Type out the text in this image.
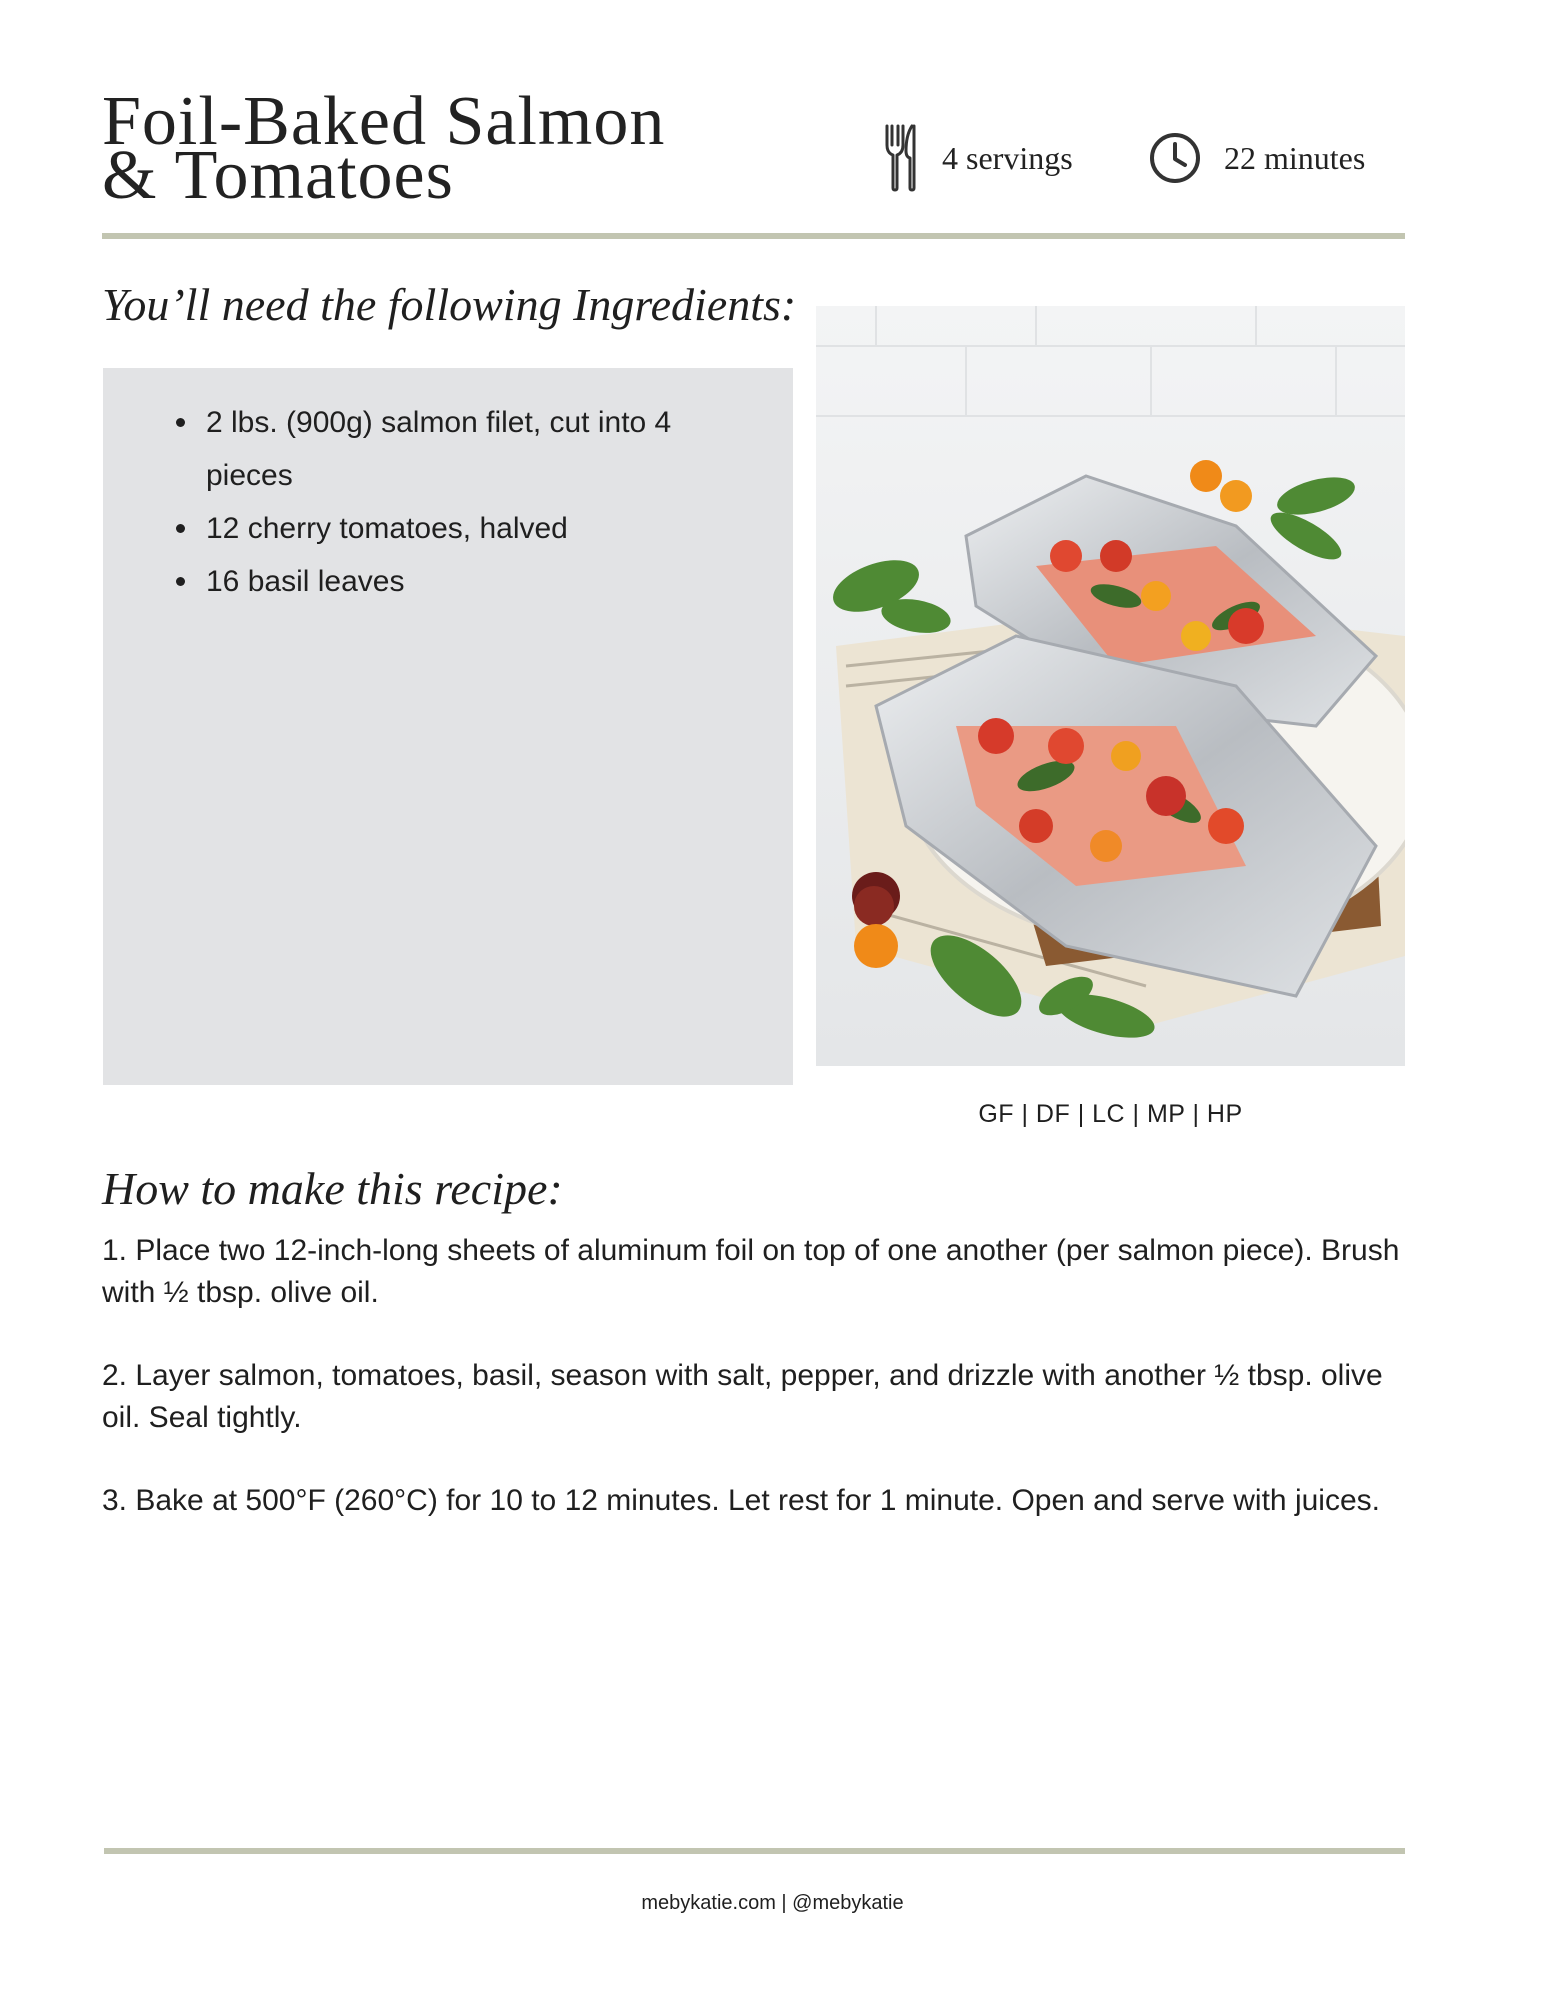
Foil-Baked Salmon
& Tomatoes	4 servings	22 minutes
You’ll need the following Ingredients:
2 lbs. (900g) salmon filet, cut into 4 pieces
12 cherry tomatoes, halved
16 basil leaves
GF | DF | LC | MP | HP
How to make this recipe:

1. Place two 12-inch-long sheets of aluminum foil on top of one another (per salmon piece). Brush with ½ tbsp. olive oil.

2. Layer salmon, tomatoes, basil, season with salt, pepper, and drizzle with another ½ tbsp. olive oil. Seal tightly.

3. Bake at 500°F (260°C) for 10 to 12 minutes. Let rest for 1 minute. Open and serve with juices.

mebykatie.com | @mebykatie
